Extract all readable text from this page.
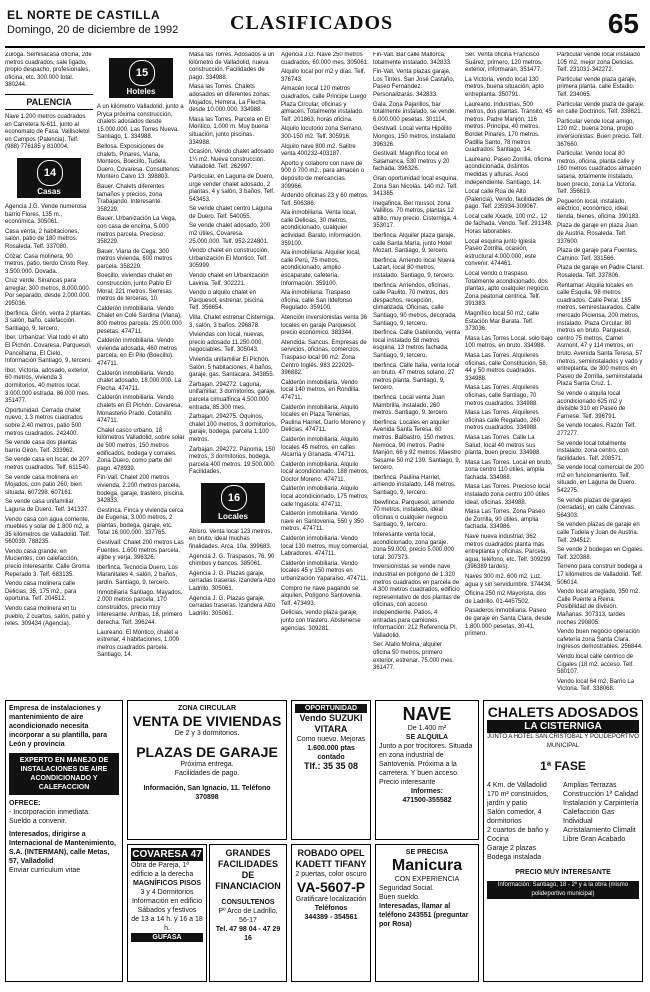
EL NORTE DE CASTILLA
Domingo, 20 de diciembre de 1992	CLASIFICADOS	65

Zuloga. Semisacasa oficina, 2de metros cuadrados, sale ligado, propio despacho, profesionales, oficina, etc. 300.000 total. 380244.

PALENCIA

Nave 1.200 metros cuadrados en Carretera N-611, junto al economato de Fasa. Vallisoletol en Campos (Palencia). Telf. (988) 776185 y 810004.

14
Casas

Agencia J.G. Vende numerosa barrio Flores, 135 m., económica. 305061.

Casa venta, 2 habitaciones, salón, patio de 180 metros. Rosaleda. Telf. 337080.

Cózar. Casa molinera, 90 metros, patio, tierdo Cristo Rey. 3.500.000. Dovada.

Cruz verde. Sinancas para arreglar, 300 metros, 8.000.000. Por separado, desde 2.000.000. 295036.

Iberfinca. Girón, venta 2 plantas, 3 salón, baño, calefacción. Santiago, 9, tercero.

Iber. Urbanizar. Vial todo el alto El Pichón. Covaresa, Parquesol, Pancellama, El Cielo. Información Santiago, 9, tercero.

Ibor. Victoria, adosado, exterior, 60 metros, vivienda 3 dormitorios, 40 metros local. 3.000.000 estrada. 86.000 mes. 351477.

Oportunidad. Cerrada chalet nuevo, 1.3 metros cuadrados sobre 2,40 metros, patio 500 metros cuadrados. 242400.

Se vende casa dos plantas barrio Girón. Telf. 333962.

Se vende casa en Iscar, de 20? metros cuadrados. Telf. 611540.

Se vende casa molinera en Mojados, con patio 260, bien situada. 607298. 607161.

Se vende casa unifamiliar Laguna de Duero. Telf. 341337.

Vendo casa con agua corriente, muebles y solar de 1.800 m2, a 35 kilómetros de Valladolid. Telf. 560039. 788235.

Vendo casa grande, en Mucientes, con calefacción, precio interesante. Calle Groma Reperado 3. Telf. 683135.

Vendo casa molinera calle Delicias, 35, 175 m2., para oportuna. Telf. 204512.

Vendo casa molinera en tu pueblo, 2 cuartos, salón, patio y reles. 309434 (Agencia).

15
Hoteles

A un kilómetro Valladolid, junto a Pryca próxima construcción, chalets adosados desde 15.000.000. Las Torres Nueva. Santiago, 1. 334988.

Bellosa. Exposiciones de chalets. Pinares, Viana, Monteos, Boecillo, Tudela Duero, Covaresa. Consultenos: Montero Calvo 13. 398803.

Bauer. Chalets diferentes tamaños y precios, zona Trabajando. Interesante. 358229.

Bauer. Urbanización La Vega, con casa de encima, 5.000 metros parcela. Precioso. 358229.

Bauer. Viana de Cega. 300 metros vivienda. 600 metros parcela. 358229.

Boecillo, viviendas chalet en construcción, junto Pablo El Moral, 221 metros. Semisas metros de terceras, 10.

Calderón inmobiliaria. Vendo Chalet en Colé Sardina (Viana), 800 metros parcela. 25.000.000 pesetas. 474711.

Calderón inmobiliaria. Vendo vivienda adosada, 460 metros parcela, en El Pilo (Boecillo). 474711.

Calderón inmobiliaria. Vendo chalet adosado, 18.000.000. La Flecha. 474711.

Calderón inmobiliaria. Vendo chalets en El Pichón. Covaresa, Monasterio Prado. Cotanillo. 474711.

Chalet casco urbano, 18 kilómetros Valladolid, sobre solar de 500 metros, 150 metros edificados, bodega y corrales. Zona Duero, como parte del pago. 478939.

Fin-Vall. Chalet 200 metros vivienda, 2.200 metros parcela, bodega, garaje, trastero, piscina. 342833.

Gestinca. Finca y vivienda cerca de Eugenia, 3.000 metros, 2 plantas, bodega, garaje, etc. Total 16.000.000. 337765.

Gestivall. Chalet 200 metros Las Fuentes. 1.600 metros parcela, aljibe y verja. 396326.

Iberfinca. Tecnocia Duero, Los Maranitales 4, salón, 2 baños, jardín. Santiago, 9, tercero.

Inmobiliaria Santiago. Mayados. 2.000 metros parcela. 170 construidos, precio muy interesante. Arribas, 18, primero derecha. Telf. 396244.

Laureano. El Montico, chalet a estrenar, 4 habitaciones, 1.000 metros cuadrados parcela. Santiago, 14.

Masa las Torres. Adosados a un kilómetro de Valladolid, nueva construcción. Facilidades de pago. 334988.

Masa las Torres. Chalets adosados en diferentes zonas: Mojados, Herrera, La Flecha, desde 10.000.000. 334988.

Masa las Torres. Parcela en El Montico, 1.000 m. Muy buena situación, junto piscinas. 334988.

Ocasión. Vendo chalet adosado 1¼ m2. Nueva construcción. Valladolid. Telf. 262997.

Particular, en Laguna de Duero, urge vender chalet adosado, 2 plantas, 4 y salón, 3 baños. Telf. 543453.

Se vende chalet centro Laguna de Duero. Telf. 540055.

Se vende chalet adosado, 200 m2 útiles, Covaresa. 25.000.000. Telf. 952-224801.

Vendo chalet en construcción, Urbanización El Montico. Telf. 305999.

Vendo chalet en Urbanización Lavinia. Telf. 302221.

Vendo o alquilo chalet en Parquesol, estrenar, piscina. Telf. 356654.

Villa. Chalet estrenar Cisterniga. 3, salón, 3 baños. 296878.

Viviendas con local, nuevas, precio adosado 11.250.000, negociables. Telf. 305043.

Vivienda unifamiliar El Pichón. Salón, 5 habitaciones, 4 baños, garaje, gas. Santacara. 343855.

Zarbajan. 294272. Laguna, unifamiliar, 3 dormitorios, garaje, parcela cimualfinca 4.500.000 entrada, 85.300 mes.

Zarbajan. 294275. Oquinos, chalet 100 metros, 3 dormitorios, garaje, bodega, parcela 1.100 metros.

Zarbajan. 294272. Panoma, 150 metros, 3 dormitorios, bodega, parcela 400 metros. 19.500.000. Facilidades.

16
Locales

Abisro. Venta local 123 metros, en bruto, ideal muchas finalidades. Arca. 10a. 399683.

Agencia J. G. Traspasos, 76, 90 chimbos y bancos. 385061.

Agencia J. G. Plazas garaje, cerradas traseras. Izandera Alzo Ladrillo. 305061.

Agencia J. G. Plazas garaje, cerradas traseras. Izandera Alzo Ladrillo. 305061.

Agencia J.G. Nave 250 metros cuadrados, 60.000 mes. 305061.

Alquilo local por m2 y días. Telf. 376743.

Almacén local 120 metros cuadrados, calle Principe Luego Plaza Circular, oficinas y almacén. Totalmente instalado. Telf. 201863, horas oficina.

Alquilo locutorio zona Serrano, 300-150 m2. Telf. 305916.

Alquilo nave 800 m2. Salitre venta 400232-403187.

Aporto y colaboro con nave de 900 ó 700 m2., para almacén o depósito de mercancías. 309966.

Ardendo oficinas 23 y 60 metros. Telf. 506386.

Ata inmobiliaria. Venta local, calle Delicias, 30 metros, acondicionado, cualquier actividad. Barato, información. 359100.

Ata inmobiliaria. Alquiler local, calle Perú, 75 metros, acondicionado, amplio escaparate, cafetería. Información. 359100.

Ata inmobiliaria. Traspaso oficina, calle San Ildefonso Regulado. 359100.

Atención inversionistas venta 36 locales en garaje Parquesol, precio económico. 383344.

Atendida. Sancus. Empresas de servicios, oficinas, comercios. Traspaso local 90 m2. Zona Centro Inglés. 983 222029-396882.

Calderón inmobiliaria. Vendo local 140 metros, en Rondilla. 474711.

Calderón inmobiliaria. Alquilo locales en Plaza Tenerías, Paulina Harriet, Darío Moreno y Delicias. 474711.

Calderón inmobiliaria. Alquilo locales 45 metros, en calles Alcarria y Granada. 474711.

Calderón inmobiliaria. Alquilo local acondicionado, 188 metros, Doctor Moreno. 474711.

Calderón inmobiliaria. Alquilo local acondicionado, 175 metros, calle Ingasola. 474711.

Calderón inmobiliaria. Vendo nave en Santovenia, 550 y 350 metros. 474711.

Calderón inmobiliaria. Vendo local 130 metros, muy comercial, Labradores. 474711.

Calderón inmobiliaria. Vendo locales 45 y 150 metros en urbanización Yaparaíso. 474711.

Compro ne nave pagando se alquilen. Polígono Santovenia. Telf. 473493.

Delicias, vendo plaza garaje, junto con trastero. Abstenerse agencias. 309281.

Fin-Vall. Bar calle Mallorca, totalmente instalado. 342833.

Fin-Vall. Venta plazas garaje, Los Tintes. San José Castaño, Paseo Fernández. Personalizarás. 342833.

Gala. Zona Pajarillos, bar totalmente instalado, se vende. 6.000.000 pesetas. 301114.

Gestivall. Local venta Hipólito Mongos, 150 metros, instalado. 396326.

Gestivall. Magnífico local en Salamanca, 530 metros y 20 fachada. 396326.

Gran oportunidad local esquina. Zona San Nicolás. 140 m2. Telf. 341385.

Inegafinca. Ber mussol, zona Vallillos. 70 metros, plantas 12 altillo, muy precio. Cisterniga, 4. 353017.

Iberfinca. Alquiler plaza garaje, calle Santa María, junto Hotel Mozart. Santiago, 9, tercero.

Iberfinca. Arriendo local Nueva Lazart, local 80 metros, instalado. Santiago, 9, tercero.

Iberfinca. Arriendos, oficinas, calle Paulito, 70 metros, dos despachos, recepción, climatizada. Oficinas, calle Santiago, 90 metros, decorada. Santiago, 9, tercero.

Iberfinca. Calle Gabilondo, venta local instalado 58 metros esquina, 13 metros fachada. Santiago, 9, tercero.

Iberfinca. Calle Italia, venta local en bruto, 47 metros solano, 27 metros planta. Santiago, 9, tercero.

Iberfinca. Local venta Juan Mambrilla, instalado, 260 metros. Santiago, 9, tercero.

Iberfinca. Locales en alquiler Avenida Santa Teresa. 60 metros. Balbastro, 150 metros. Nemoca, 90 metros. Padre Manjón, 66 y 92 metros. Maestro Sesame 50 m2 139. Santiago, 9, tercero.

Iberfinca. Paulina Harriet, arriendo instalado, 148 metros. Santiago, 9, tercero.

Ibewfinca. Parquesol, arriendo 70 metros, instalado, ideal oficinas o cualquier negocio. Santiago, 9, tercero.

Interesante venta local, acondicionado, zona garaje. zona 59.000, precio 5.000.000 total. 307373.

Inversionistas se vende nave industrial en polígono de 1.320 metros cuadrados en parcela de 4.300 metros cuadrados, edificio representativo de dos plantas de oficinas, con acceso independiente. Patios, 4 entradas para camiones. Información: 212 Referencia PI. Valladolid.

Ser. Atalio Molina, alquiler oficina 50 metros, primero exterior, estrenar. 75.000 mes. 361477.

Ser. Venta oficina Francisco Suárez, primero, 120 metros, exterior, informarán. 351477.

La Victoria, vendo local 130 metros, buena situación, apto entreplanta. 350791.

Laureano. Industrias, 500 metros, dos plantas. Tránsito, 45 metros. Padre Manjón, 116 metros. Principa, 40 metros. Bordet Pinares, 170 metros. Padilla Santo, 78 metros cuadrados. Santiago, 14.

Laureano. Paseo Zorrilla, oficina acondicionada, distintos medidas y alturas. Ascó independiente. Santiago, 14.

Local calle Rúa de Alto (Palencia). Vendo, facilidades de pago. Telf. 235934-309067.

Local calle Xxade, 100 m2., 12 de fachada. Vendo. Telf. 291348. Horas laborables.

Local esquina junto Iglesia Paseo Zorrilla, ocasión, estructural 4.000.000, este convenir. 474461.

Local vendo o traspaso. Totalmente acondicionado, dos plantas, apto cualquier negocio. Zona peatonal céntrica. Telf. 391383.

Magnífico local 50 m2, calle Estación Mar Barata. Telf. 373036.

Masa Las Torres Local, solo bajo 100 metros, en bruto. 334988.

Masa Las Torres. Alquileres oficinas, calle Constitución, 58, 44 y 50 metros cuadrados. 334988.

Masa Las Torres. Alquileres oficinas, calle Santiago, 70 metros cuadrados. 334988.

Masa Las Torres. Alquileres oficinas calle Regalado, 260 metros cuadrados. 334988.

Masa Las Torres. Calle La Salud, local 40 metros sus planta, buen precio. 334988.

Masa Las Torres. Local en bruto, zona centro 110 útiles, amplia fachada. 334988.

Masa Las Torres. Precioso local instalado zona centro 100 útiles ideal, oficinas. 334988.

Masa Las Torres. Zona Paseo de Zorrilla, 90 útiles, amplia fachada. 334986.

Nave nueva industrial, 362 metros cuadrados planta más entreplanta y oficinas. Parcela, agua, teléfono, etc. Telf. 309299 (396389 tardes).

Naves 300 m2. 600 m2. Luz, agua y sin servidumbre. 374434.

Oficina 250 m2 Mayorista, dos de Ladrillo. 01-4457502.

Pasaderos inmobiliaria. Paseo de garaje en Santa Clara, desde 1.800.000 pesetas. 30-41, primero.

Particular vende local instalado 105 m2, mejor zona Delicias. Telf. 231031-342272.

Particular vende plaza garaje, primera planta, calle Estadio. Telf. 234065.

Particular vende plaza de garaje, en calle Doctrinos. Telf. 338621.

Particular vende local amigo, 120 m2., buena zona, propio inversionistas. Buen precio. Telf. 367660.

Particular. Vendo local 80 metros, oficina, planta calle y 160 metros cuadrados almacén satana, totalmente instalado, buen precio, zona La Victoria. Telf. 356619.

Peguerón local, instalado, eléctrico, económico, ideal tienda, bienes, oficina. 390183.

Plaza de garaje en plaza Juan de Austria. Rosaleda. Telf. 337600.

Plaza de garaje para Fuentes, Camino. Telf. 331566.

Plaza de garaje en Padre Claret. Rosaleda. Telf. 337806.

Rentamar. Alquila locales en calle Esquila, 98 metros cuadrados. Calle Peral, 185 metros, semirestaurados. Calle mercado Piciensa, 200 metros, instalado. Plaza Circular, 80 metros en bruto. Parquesol, centro 75 metros, Camel Asmont, 47 y 114 metros, en bruto. Avenida Santa Teresa, 57 metros, semiinstalados y vado y entreplanta, de 300 metros en Paseo de Zorrilla, semiinstalada Plaza Santa Cruz. 1.

Se vende o alquila local acondicionado 625 m2 y divisible 310 en Paseo de Farnese. Telf. 396791.

Se vende locales. Razón Telf. 277277.

Se vende local totalmente instalado, zona centro, con facilidades. Telf. 208571.

Se vende local comercial de 200 m2 en funcionamiento. Telf. situado, en Laguna de Duero. 542275.

Se vende plazas de garajes (cerradas), en calle Cánovas. 564303.

Se venden plazas de garaje en calle Tudela y Juan de Austria. Telf. 294512.

Se vende 2 bodegas en Cigales. Telf. 320388.

Terreno para construir bodega a 17 kilómetros de Valladolid. Telf. 506014.

Vendo local arreglado, 350 m2. Calle Puente a Reina. Posibilidad de división. Mañanas. 307313, tardes noches 290805.

Vendo buen negocio operación cafetería zona Santa Clara. Ingresos demostrables. 256844.

Vendo local calle céntrico de Cigales (18 m2. acceso. Telf. 580107.

Vendo local 64 m2, Barrio La Victoria. Telf. 338068.

Empresa de instalaciones y mantenimiento de aire acondicionado necesita incorporar a su plantilla, para León y provincia
EXPERTO EN MANEJO DE INSTALACIONES DE AIRE ACONDICIONADO Y CALEFACCION
OFRECE:
- Incorporación inmediata.
Sueldo a convenir.
Interesados, dirigirse a Internacional de Mantenimiento, S.A. (INTERMAN), calle Metas, 57, Valladolid
Enviar currículum vitae
ZONA CIRCULAR
VENTA DE VIVIENDAS
De 2 y 3 dormitorios.
PLAZAS DE GARAJE
Próxima entrega.
Facilidades de pago.
Información, San Ignacio, 11. Teléfono 370898
COVARESA 47
Obra de Pareja, 1ª edificio a la derecha
MAGNÍFICOS PISOS
3 y 4 Dormitorios
Información en edificio
Sábados y festivos
de 13 a 14 h. y 16 a 18 h.
GUFASA
GRANDES FACILIDADES DE FINANCIACION
CONSULTENOS
Pº Arco de Ladrillo, 56-17
Tel. 47 98 04 - 47 29 16
OPORTUNIDAD
Vendo SUZUKI VITARA
Como nuevo. Mejoras
1.600.000 ptas contado
Tlf.: 35 35 08
NAVE
De 1.400 m²
SE ALQUILA
Junto a por trocitores. Situada en zona industrial de Santovenia. Próxima a la carretera. Y buen acceso. Precio interesante
Informes:
471500-355582
ROBADO OPEL KADETT TIFANY
2 puertas, color oscuro
VA-5607-P
Gratificaré localización
Teléfonos
344389 - 354561
SE PRECISA
Manicura
CON EXPERIENCIA
Seguridad Social.
Buen sueldo.
Interesadas, llamar al teléfono 243551 (preguntar por Rosa)
CHALETS ADOSADOS
LA CISTERNIGA
JUNTO A HOTEL SAN CRISTOBAL Y POLIDEPORTIVO MUNICIPAL
1ª FASE
4 Km. de Valladolid
170 m² construidos, jardín y patio
Salón comedor, 4 dormitorios
2 cuartos de baño y Cocina
Garaje 2 plazas
Bodega instalada
Amplias Terrazas
Construcción 1ª Calidad
Instalación y Carpintería
Calefacción Gas Individual
Acristalamiento Climalit
Libre Gran Acabado
PRECIO MUY INTERESANTE
Información: Santiago, 18 - 2º y a la obra (mismo polideportivo municipal)
